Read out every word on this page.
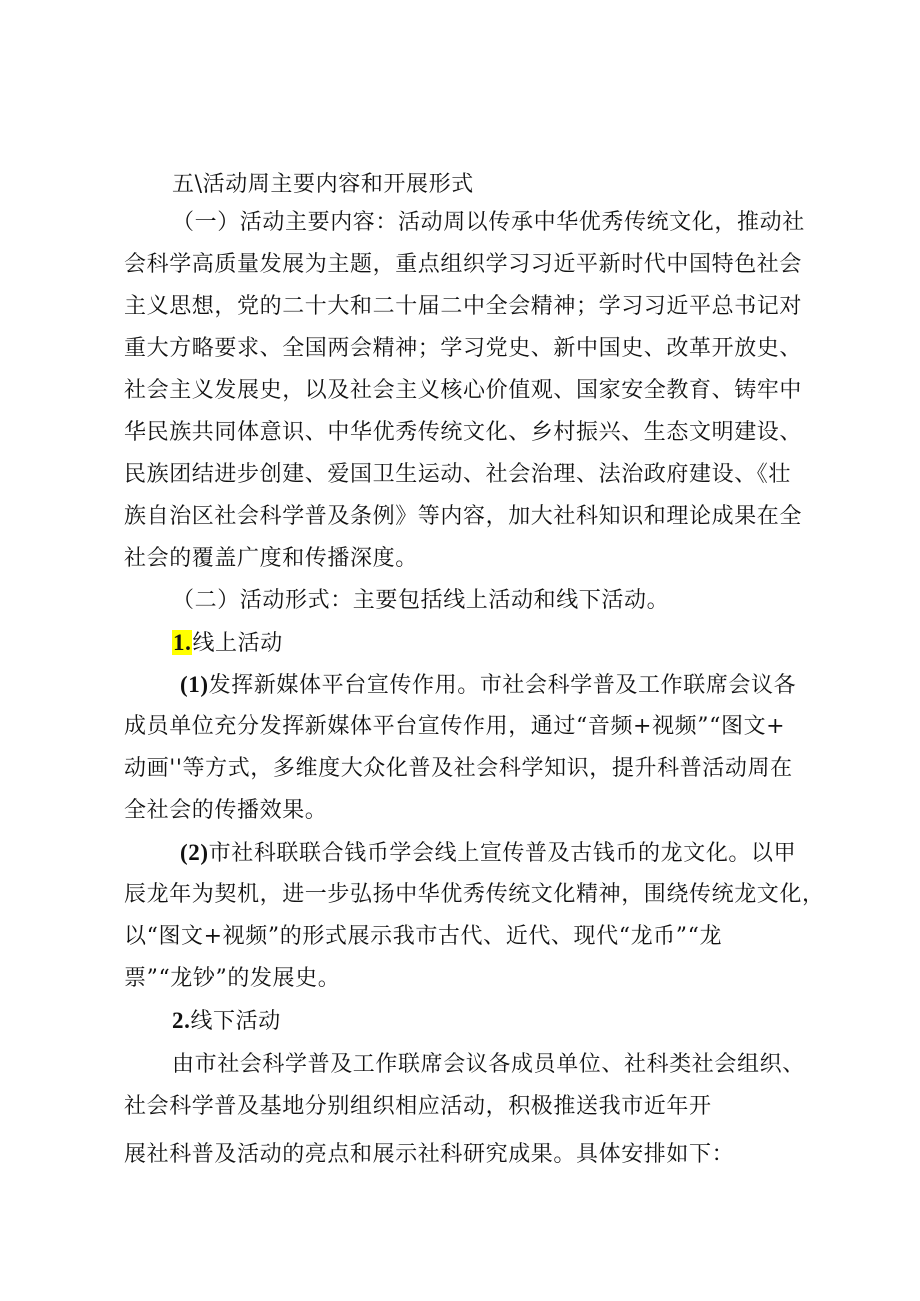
五\活动周主要内容和开展形式
（一）活动主要内容：活动周以传承中华优秀传统文化，推动社
会科学高质量发展为主题，重点组织学习习近平新时代中国特色社会
主义思想，党的二十大和二十届二中全会精神；学习习近平总书记对
重大方略要求、全国两会精神；学习党史、新中国史、改革开放史、
社会主义发展史，以及社会主义核心价值观、国家安全教育、铸牢中
华民族共同体意识、中华优秀传统文化、乡村振兴、生态文明建设、
民族团结进步创建、爱国卫生运动、社会治理、法治政府建设、《壮
族自治区社会科学普及条例》等内容，加大社科知识和理论成果在全
社会的覆盖广度和传播深度。
（二）活动形式：主要包括线上活动和线下活动。
1.线上活动
(1)发挥新媒体平台宣传作用。市社会科学普及工作联席会议各
成员单位充分发挥新媒体平台宣传作用，通过“音频+视频”“图文+
动画''等方式，多维度大众化普及社会科学知识，提升科普活动周在
全社会的传播效果。
(2)市社科联联合钱币学会线上宣传普及古钱币的龙文化。以甲
辰龙年为契机，进一步弘扬中华优秀传统文化精神，围绕传统龙文化，
以“图文+视频”的形式展示我市古代、近代、现代“龙币”“龙
票”“龙钞”的发展史。
2.线下活动
由市社会科学普及工作联席会议各成员单位、社科类社会组织、
社会科学普及基地分别组织相应活动，积极推送我市近年开
展社科普及活动的亮点和展示社科研究成果。具体安排如下：
